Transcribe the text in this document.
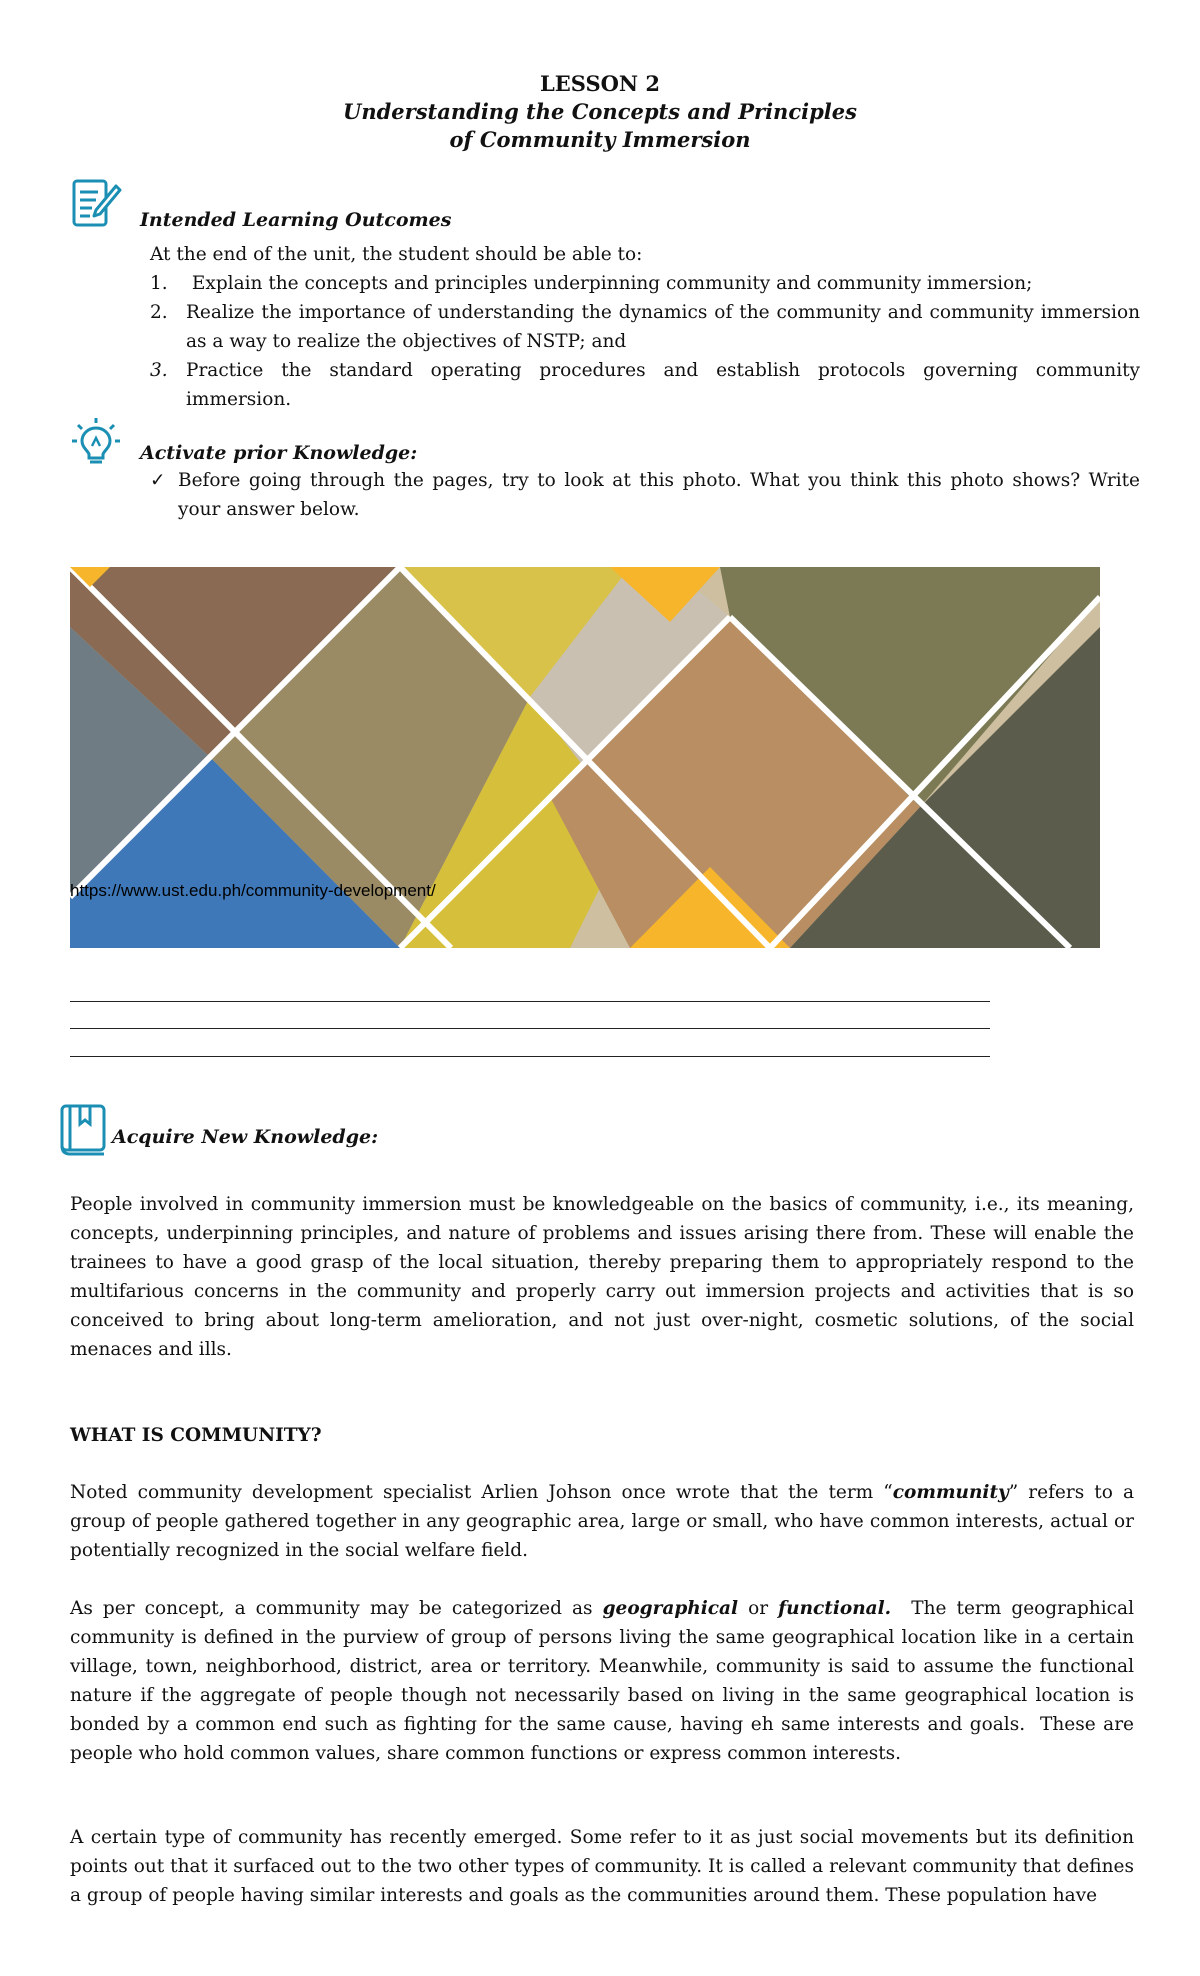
LESSON 2
Understanding the Concepts and Principles
of Community Immersion
Intended Learning Outcomes
At the end of the unit, the student should be able to:
1. Explain the concepts and principles underpinning community and community immersion;
2. Realize the importance of understanding the dynamics of the community and community immersion as a way to realize the objectives of NSTP; and
3. Practice the standard operating procedures and establish protocols governing community immersion.
Activate prior Knowledge:
✓ Before going through the pages, try to look at this photo. What you think this photo shows? Write your answer below.
https://www.ust.edu.ph/community-development/
Acquire New Knowledge:
People involved in community immersion must be knowledgeable on the basics of community, i.e., its meaning, concepts, underpinning principles, and nature of problems and issues arising there from. These will enable the trainees to have a good grasp of the local situation, thereby preparing them to appropriately respond to the multifarious concerns in the community and properly carry out immersion projects and activities that is so conceived to bring about long-term amelioration, and not just over-night, cosmetic solutions, of the social menaces and ills.
WHAT IS COMMUNITY?
Noted community development specialist Arlien Johson once wrote that the term “community” refers to a group of people gathered together in any geographic area, large or small, who have common interests, actual or potentially recognized in the social welfare field.
As per concept, a community may be categorized as geographical or functional.  The term geographical community is defined in the purview of group of persons living the same geographical location like in a certain village, town, neighborhood, district, area or territory. Meanwhile, community is said to assume the functional nature if the aggregate of people though not necessarily based on living in the same geographical location is bonded by a common end such as fighting for the same cause, having eh same interests and goals.  These are people who hold common values, share common functions or express common interests.
A certain type of community has recently emerged. Some refer to it as just social movements but its definition points out that it surfaced out to the two other types of community. It is called a relevant community that defines a group of people having similar interests and goals as the communities around them. These population have
